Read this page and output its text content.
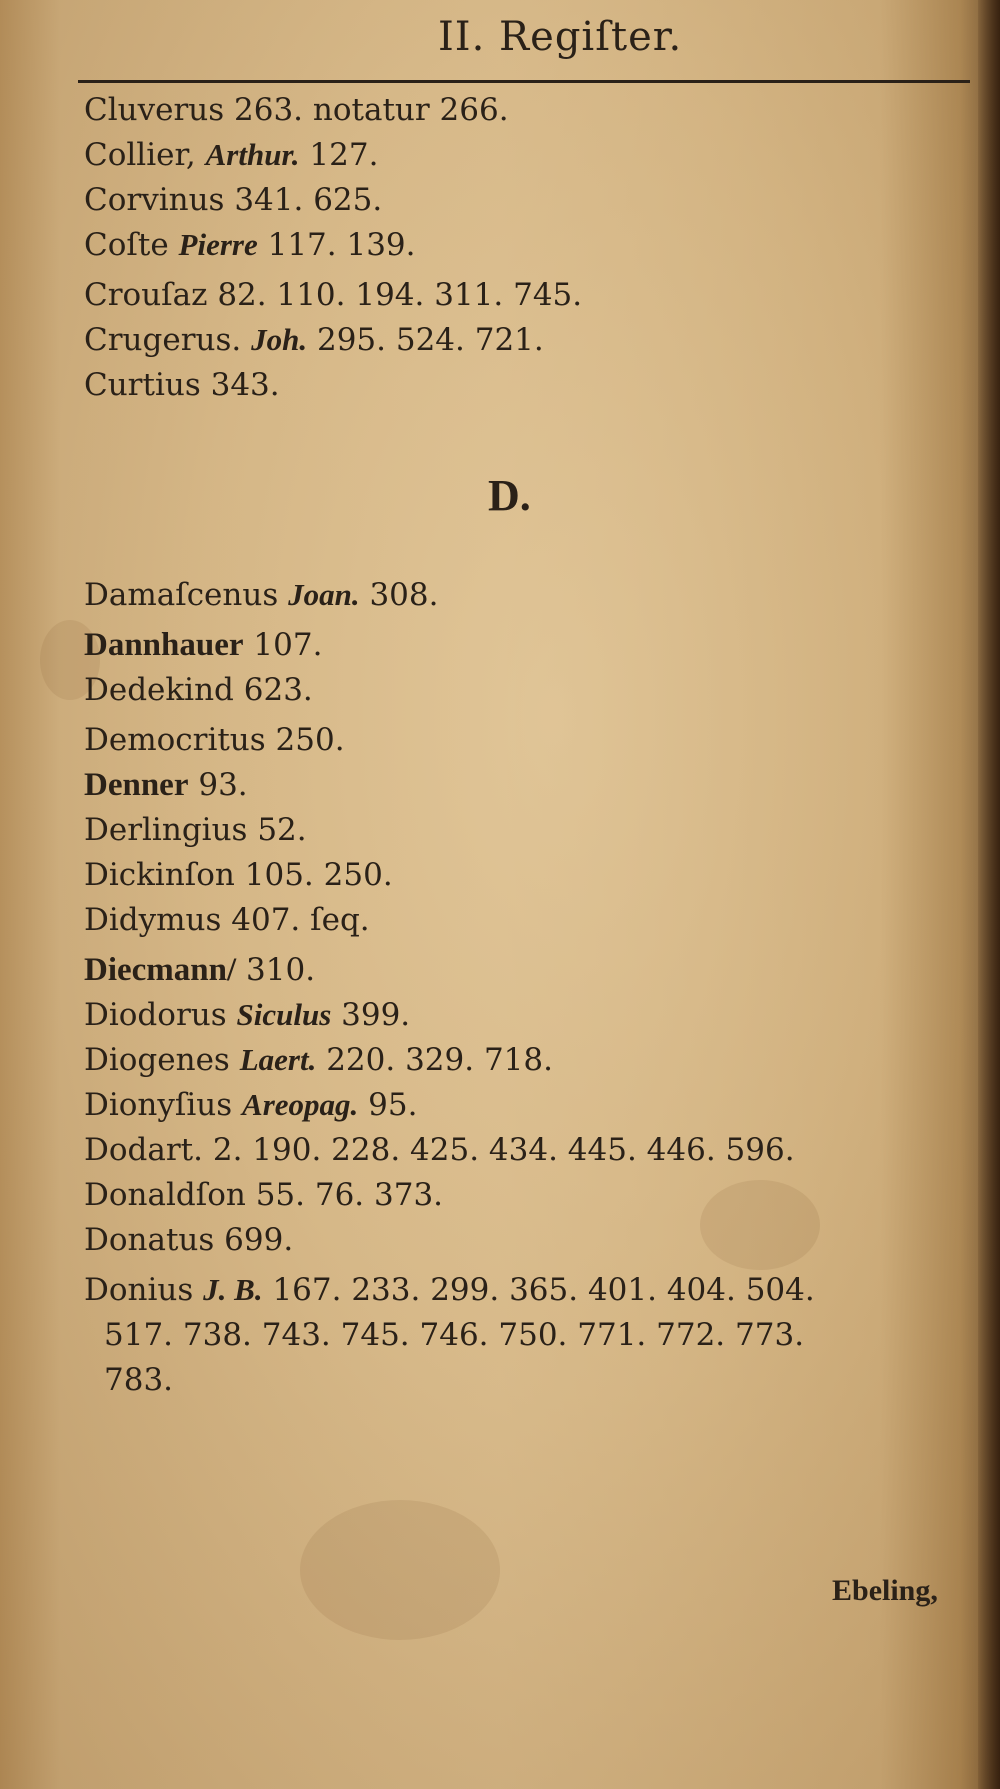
II. Regiſter.
Cluverus 263. notatur 266.
Collier, Arthur. 127.
Corvinus 341. 625.
Coſte Pierre 117. 139.
Crouſaz 82. 110. 194. 311. 745.
Crugerus. Joh. 295. 524. 721.
Curtius 343.
Damaſcenus Joan. 308.
Dannhauer 107.
Dedekind 623.
Democritus 250.
Denner 93.
Derlingius 52.
Dickinſon 105. 250.
Didymus 407. ſeq.
Diecmann/ 310.
Diodorus Siculus 399.
Diogenes Laert. 220. 329. 718.
Dionyſius Areopag. 95.
Dodart. 2. 190. 228. 425. 434. 445. 446. 596.
Donaldſon 55. 76. 373.
Donatus 699.
Donius J. B. 167. 233. 299. 365. 401. 404. 504.
517. 738. 743. 745. 746. 750. 771. 772. 773.
783.
D.
Ebeling,
